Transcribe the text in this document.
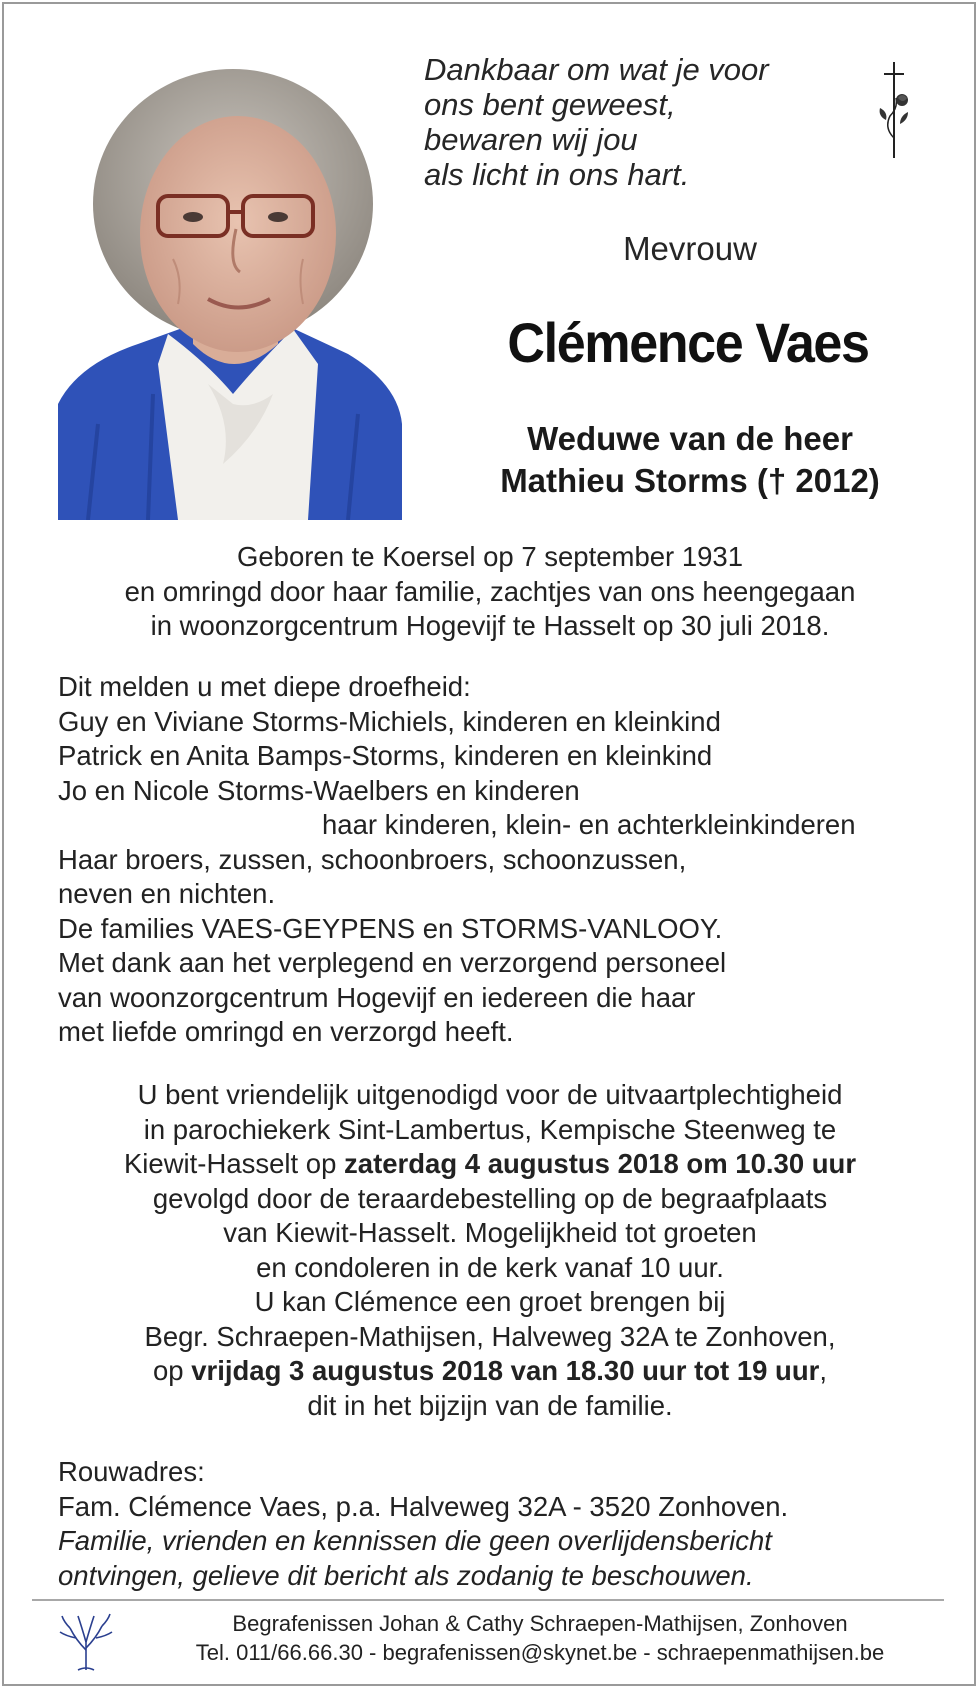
Dankbaar om wat je voor
ons bent geweest,
bewaren wij jou
als licht in ons hart.
Mevrouw
Clémence Vaes
Weduwe van de heer
Mathieu Storms († 2012)
Geboren te Koersel op 7 september 1931
en omringd door haar familie, zachtjes van ons heengegaan
in woonzorgcentrum Hogevijf te Hasselt op 30 juli 2018.
Dit melden u met diepe droefheid:
Guy en Viviane Storms-Michiels, kinderen en kleinkind
Patrick en Anita Bamps-Storms, kinderen en kleinkind
Jo en Nicole Storms-Waelbers en kinderen
haar kinderen, klein- en achterkleinkinderen
Haar broers, zussen, schoonbroers, schoonzussen,
neven en nichten.
De families VAES-GEYPENS en STORMS-VANLOOY.
Met dank aan het verplegend en verzorgend personeel
van woonzorgcentrum Hogevijf en iedereen die haar
met liefde omringd en verzorgd heeft.
U bent vriendelijk uitgenodigd voor de uitvaartplechtigheid
in parochiekerk Sint-Lambertus, Kempische Steenweg te
Kiewit-Hasselt op zaterdag 4 augustus 2018 om 10.30 uur
gevolgd door de teraardebestelling op de begraafplaats
van Kiewit-Hasselt. Mogelijkheid tot groeten
en condoleren in de kerk vanaf 10 uur.
U kan Clémence een groet brengen bij
Begr. Schraepen-Mathijsen, Halveweg 32A te Zonhoven,
op vrijdag 3 augustus 2018 van 18.30 uur tot 19 uur,
dit in het bijzijn van de familie.
Rouwadres:
Fam. Clémence Vaes, p.a. Halveweg 32A - 3520 Zonhoven.
Familie, vrienden en kennissen die geen overlijdensbericht
ontvingen, gelieve dit bericht als zodanig te beschouwen.
Begrafenissen Johan & Cathy Schraepen-Mathijsen, Zonhoven
Tel. 011/66.66.30 - begrafenissen@skynet.be - schraepenmathijsen.be
